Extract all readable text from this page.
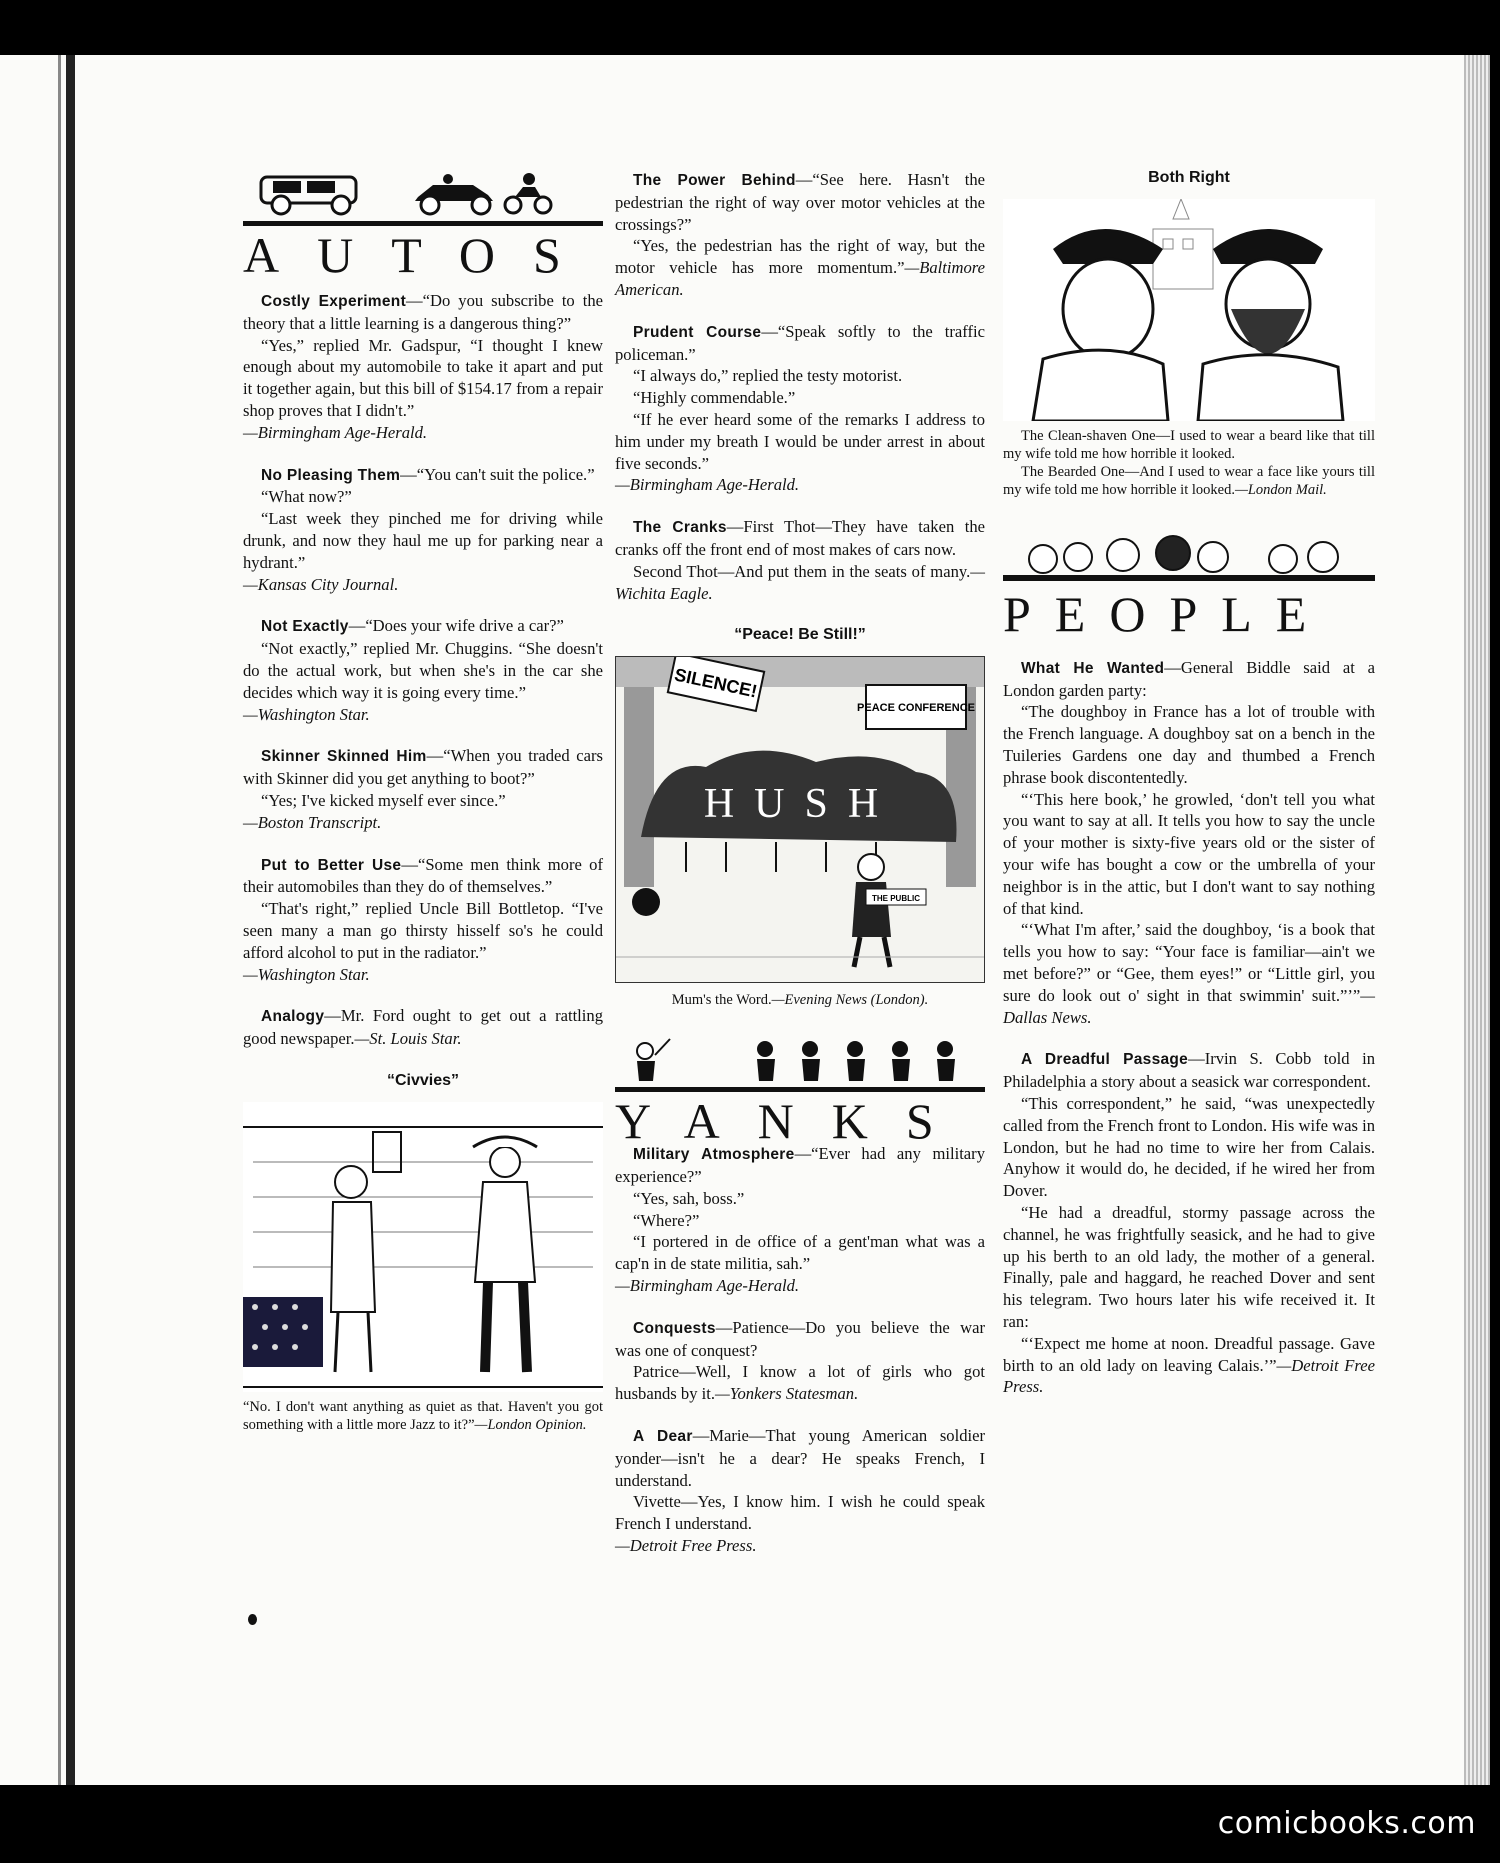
AUTOS

Costly Experiment—“Do you subscribe to the theory that a little learning is a dangerous thing?”

“Yes,” replied Mr. Gadspur, “I thought I knew enough about my automobile to take it apart and put it together again, but this bill of $154.17 from a repair shop proves that I didn't.”

—Birmingham Age-Herald.

No Pleasing Them—“You can't suit the police.”

“What now?”

“Last week they pinched me for driving while drunk, and now they haul me up for parking near a hydrant.”

—Kansas City Journal.

Not Exactly—“Does your wife drive a car?”

“Not exactly,” replied Mr. Chuggins. “She doesn't do the actual work, but when she's in the car she decides which way it is going every time.”

—Washington Star.

Skinner Skinned Him—“When you traded cars with Skinner did you get anything to boot?”

“Yes; I've kicked myself ever since.”

—Boston Transcript.

Put to Better Use—“Some men think more of their automobiles than they do of themselves.”

“That's right,” replied Uncle Bill Bottletop. “I've seen many a man go thirsty hisself so's he could afford alcohol to put in the radiator.”

—Washington Star.

Analogy—Mr. Ford ought to get out a rattling good newspaper.—St. Louis Star.

“Civvies”
“No. I don't want anything as quiet as that. Haven't you got something with a little more Jazz to it?”—London Opinion.

The Power Behind—“See here. Hasn't the pedestrian the right of way over motor vehicles at the crossings?”

“Yes, the pedestrian has the right of way, but the motor vehicle has more momentum.”—Baltimore American.

Prudent Course—“Speak softly to the traffic policeman.”

“I always do,” replied the testy motorist.

“Highly commendable.”

“If he ever heard some of the remarks I address to him under my breath I would be under arrest in about five seconds.”

—Birmingham Age-Herald.

The Cranks—First Thot—They have taken the cranks off the front end of most makes of cars now.

Second Thot—And put them in the seats of many.—Wichita Eagle.

“Peace! Be Still!”
SILENCE!
PEACE CONFERENCE
HUSH
THE PUBLIC
Mum's the Word.—Evening News (London).
YANKS

Military Atmosphere—“Ever had any military experience?”

“Yes, sah, boss.”

“Where?”

“I portered in de office of a gent'man what was a cap'n in de state militia, sah.”

—Birmingham Age-Herald.

Conquests—Patience—Do you believe the war was one of conquest?

Patrice—Well, I know a lot of girls who got husbands by it.—Yonkers Statesman.

A Dear—Marie—That young American soldier yonder—isn't he a dear? He speaks French, I understand.

Vivette—Yes, I know him. I wish he could speak French I understand.

—Detroit Free Press.

Both Right
The Clean-shaven One—I used to wear a beard like that till my wife told me how horrible it looked.
The Bearded One—And I used to wear a face like yours till my wife told me how horrible it looked.—London Mail.
PEOPLE

What He Wanted—General Biddle said at a London garden party:

“The doughboy in France has a lot of trouble with the French language. A doughboy sat on a bench in the Tuileries Gardens one day and thumbed a French phrase book discontentedly.

“‘This here book,’ he growled, ‘don't tell you what you want to say at all. It tells you how to say the uncle of your mother is sixty-five years old or the sister of your wife has bought a cow or the umbrella of your neighbor is in the attic, but I don't want to say nothing of that kind.

“‘What I'm after,’ said the doughboy, ‘is a book that tells you how to say: “Your face is familiar—ain't we met before?” or “Gee, them eyes!” or “Little girl, you sure do look out o' sight in that swimmin' suit.”’”—Dallas News.

A Dreadful Passage—Irvin S. Cobb told in Philadelphia a story about a seasick war correspondent.

“This correspondent,” he said, “was unexpectedly called from the French front to London. His wife was in London, but he had no time to wire her from Calais. Anyhow it would do, he decided, if he wired her from Dover.

“He had a dreadful, stormy passage across the channel, he was frightfully seasick, and he had to give up his berth to an old lady, the mother of a general. Finally, pale and haggard, he reached Dover and sent his telegram. Two hours later his wife received it. It ran:

“‘Expect me home at noon. Dreadful passage. Gave birth to an old lady on leaving Calais.’”—Detroit Free Press.

comicbooks.com
